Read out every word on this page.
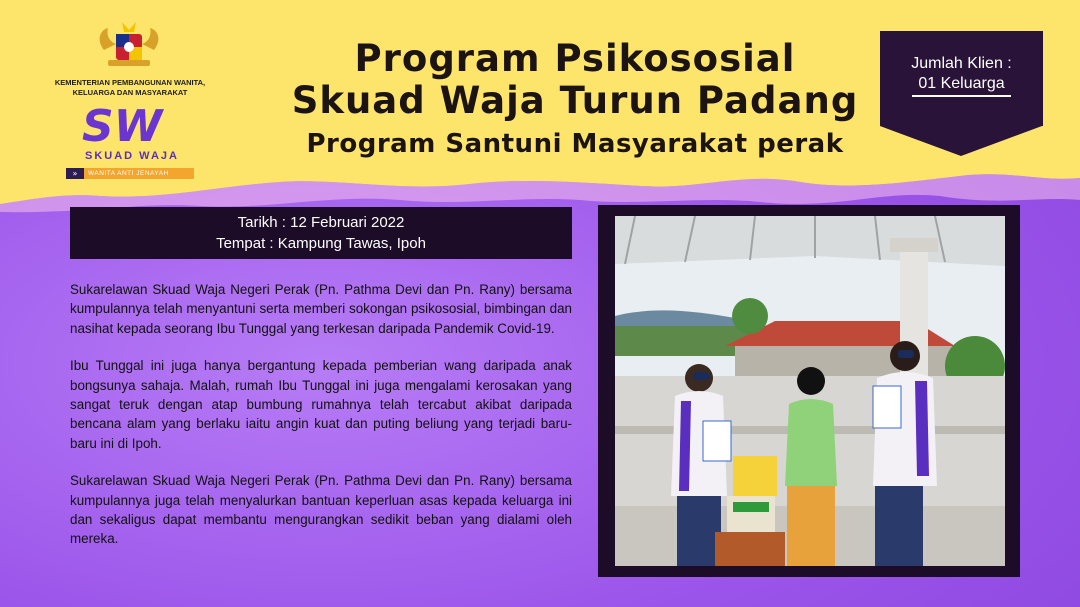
KEMENTERIAN PEMBANGUNAN WANITA,
KELUARGA DAN MASYARAKAT
SW
SKUAD WAJA
»	WANITA ANTI JENAYAH
Program Psikososial
Skuad Waja Turun Padang
Program Santuni Masyarakat perak
Jumlah Klien :
01 Keluarga
Tarikh : 12 Februari 2022
Tempat : Kampung Tawas, Ipoh

Sukarelawan Skuad Waja Negeri Perak (Pn. Pathma Devi dan Pn. Rany) bersama kumpulannya telah menyantuni serta memberi sokongan psikososial, bimbingan dan nasihat kepada seorang Ibu Tunggal yang terkesan daripada Pandemik Covid-19.

Ibu Tunggal ini juga hanya bergantung kepada pemberian wang daripada anak bongsunya sahaja. Malah, rumah Ibu Tunggal ini juga mengalami kerosakan yang sangat teruk dengan atap bumbung rumahnya telah tercabut akibat daripada bencana alam yang berlaku iaitu angin kuat dan puting beliung yang terjadi baru-baru ini di Ipoh.

Sukarelawan Skuad Waja Negeri Perak (Pn. Pathma Devi dan Pn. Rany) bersama kumpulannya juga telah menyalurkan bantuan keperluan asas kepada keluarga ini dan sekaligus dapat membantu mengurangkan sedikit beban yang dialami oleh mereka.
